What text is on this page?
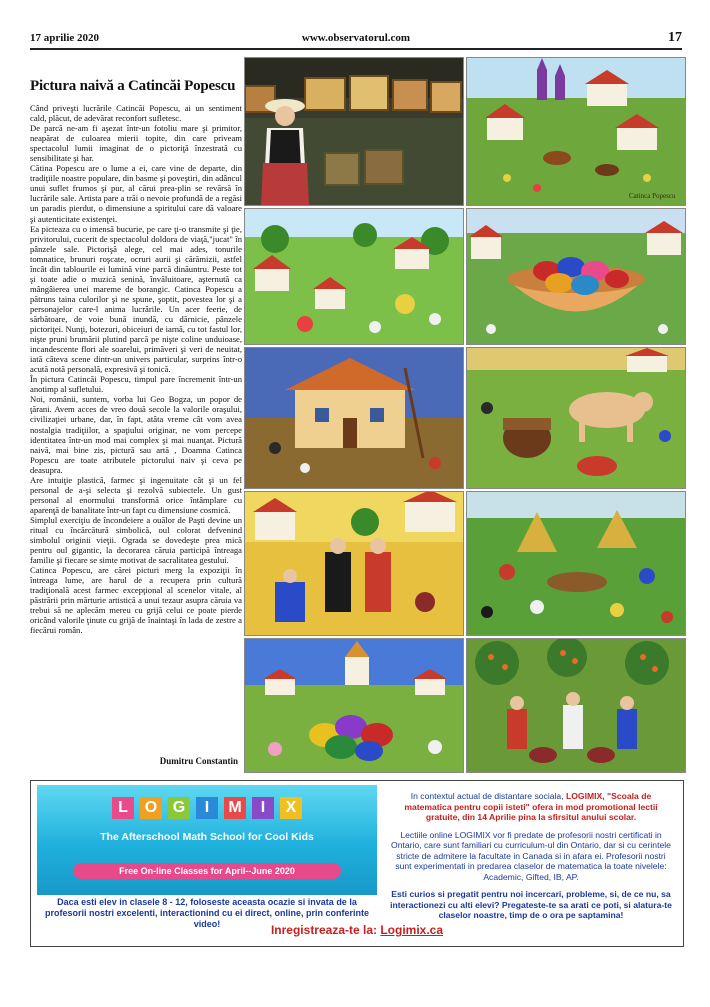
17 aprilie 2020	www.observatorul.com	17
Pictura naivă a Catincăi Popescu

Când priveşti lucrările Catincăi Popescu, ai un sentiment cald, plăcut, de adevărat reconfort sufletesc.

De parcă ne-am fi aşezat într-un fotoliu mare şi primitor, neapărat de culoarea mierii topite, din care priveam spectacolul lumii imaginat de o pictoriţă înzestrată cu sensibilitate şi har.

Cătina Popescu are o lume a ei, care vine de departe, din tradiţiile noastre populare, din basme şi poveştiri, din adâncul unui suflet frumos şi pur, al cărui prea-plin se revărsă în lucrările sale. Artista pare a trăi o nevoie profundă de a regăsi un paradis pierdut, o dimensiune a spiritului care dă valoare şi autenticitate existenţei.

Ea picteaza cu o imensă bucurie, pe care ţi-o transmite şi ţie, privitorului, cucerit de spectacolul doldora de viaţă,"jucat" în pânzele sale. Pictorişă alege, cel mai ades, tonurile tomnatice, brunuri roşcate, ocruri aurii şi cărămizii, astfel încât din tablourile ei lumină vine parcă dinăuntru. Peste tot şi toate adie o muzică senină, învăluitoare, aşternută ca mângâierea unei mareme de borangic. Catinca Popescu a pătruns taina culorilor şi ne spune, şoptit, povestea lor şi a personajelor care-l anima lucrările. Un acer feerie, de sărbătoare, de voie bună inundă, cu dărnicie, pânzele pictoriţei. Nunţi, botezuri, obiceiuri de iarnă, cu tot fastul lor, nişte pruni brumării plutind parcă pe nişte coline unduioase, incandescente flori ale soarelui, primăveri şi veri de neuitat, iată câteva scene dintr-un univers particular, surprins într-o acută notă personală, expresivă şi tonică.

În pictura Catincăi Popescu, timpul pare încremenit într-un anotimp al sufletului.

Noi, românii, suntem, vorba lui Geo Bogza, un popor de ţărani. Avem acces de vreo două secole la valorile oraşului, civilizaţiei urbane, dar, în fapt, atâta vreme cât vom avea nostalgia tradiţiilor, a spaţiului originar, ne vom percepe identitatea într-un mod mai complex şi mai nuanţat. Pictură naivă, mai bine zis, pictură sau artă , Doamna Catinca Popescu are toate atributele pictorului naiv şi ceva pe deasupra.

Are intuiţie plastică, farmec şi ingenuitate cât şi un fel personal de a-şi selecta şi rezolvă subiectele. Un gust personal al enormului transformă orice întâmplare cu aparenţă de banalitate într-un fapt cu dimensiune cosmică.

Simplul exerciţiu de încondeiere a ouălor de Paşti devine un ritual cu încărcătură simbolică, oul colorat defvenind simbolul originii vieţii. Ograda se dovedeşte prea mică pentru oul gigantic, la decorarea căruia participă întreaga familie şi fiecare se simte motivat de sacralitatea gestului.

Catinca Popescu, are cărei picturi merg la expoziţii în întreaga lume, are harul de a recupera prin cultură tradiţională acest farmec excepţional al scenelor vitale, al păstrării prin mărturie artistică a unui tezaur asupra căruia va trebui să ne aplecăm mereu cu grijă celui ce poate pierde oricând valorile ţinute cu grijă de înaintaşi în lada de zestre a fiecărui român.

Dumitru Constantin
Catinca Popescu
L O G I M I X
The Afterschool Math School for Cool Kids
Free On-line Classes for April--June 2020
Daca esti elev in clasele 8 - 12, foloseste aceasta ocazie si invata de la profesorii nostri excelenti, interactionind cu ei direct, online, prin conferinte video!

In contextul actual de distantare sociala, LOGIMIX, "Scoala de matematica pentru copii isteti" ofera in mod promotional lectii gratuite, din 14 Aprilie pina la sfirsitul anului scolar.

Lectiile online LOGIMIX vor fi predate de profesorii nostri certificati in Ontario, care sunt familiari cu curriculum-ul din Ontario, dar si cu cerintele stricte de admitere la facultate in Canada si in afara ei. Profesorii nostri sunt experimentati in predarea claselor de matematica la toate nivelele: Academic, Gifted, IB, AP.

Esti curios si pregatit pentru noi incercari, probleme, si, de ce nu, sa interactionezi cu alti elevi? Pregateste-te sa arati ce poti, si alatura-te claselor noastre, timp de o ora pe saptamina!

Inregistreaza-te la: Logimix.ca
